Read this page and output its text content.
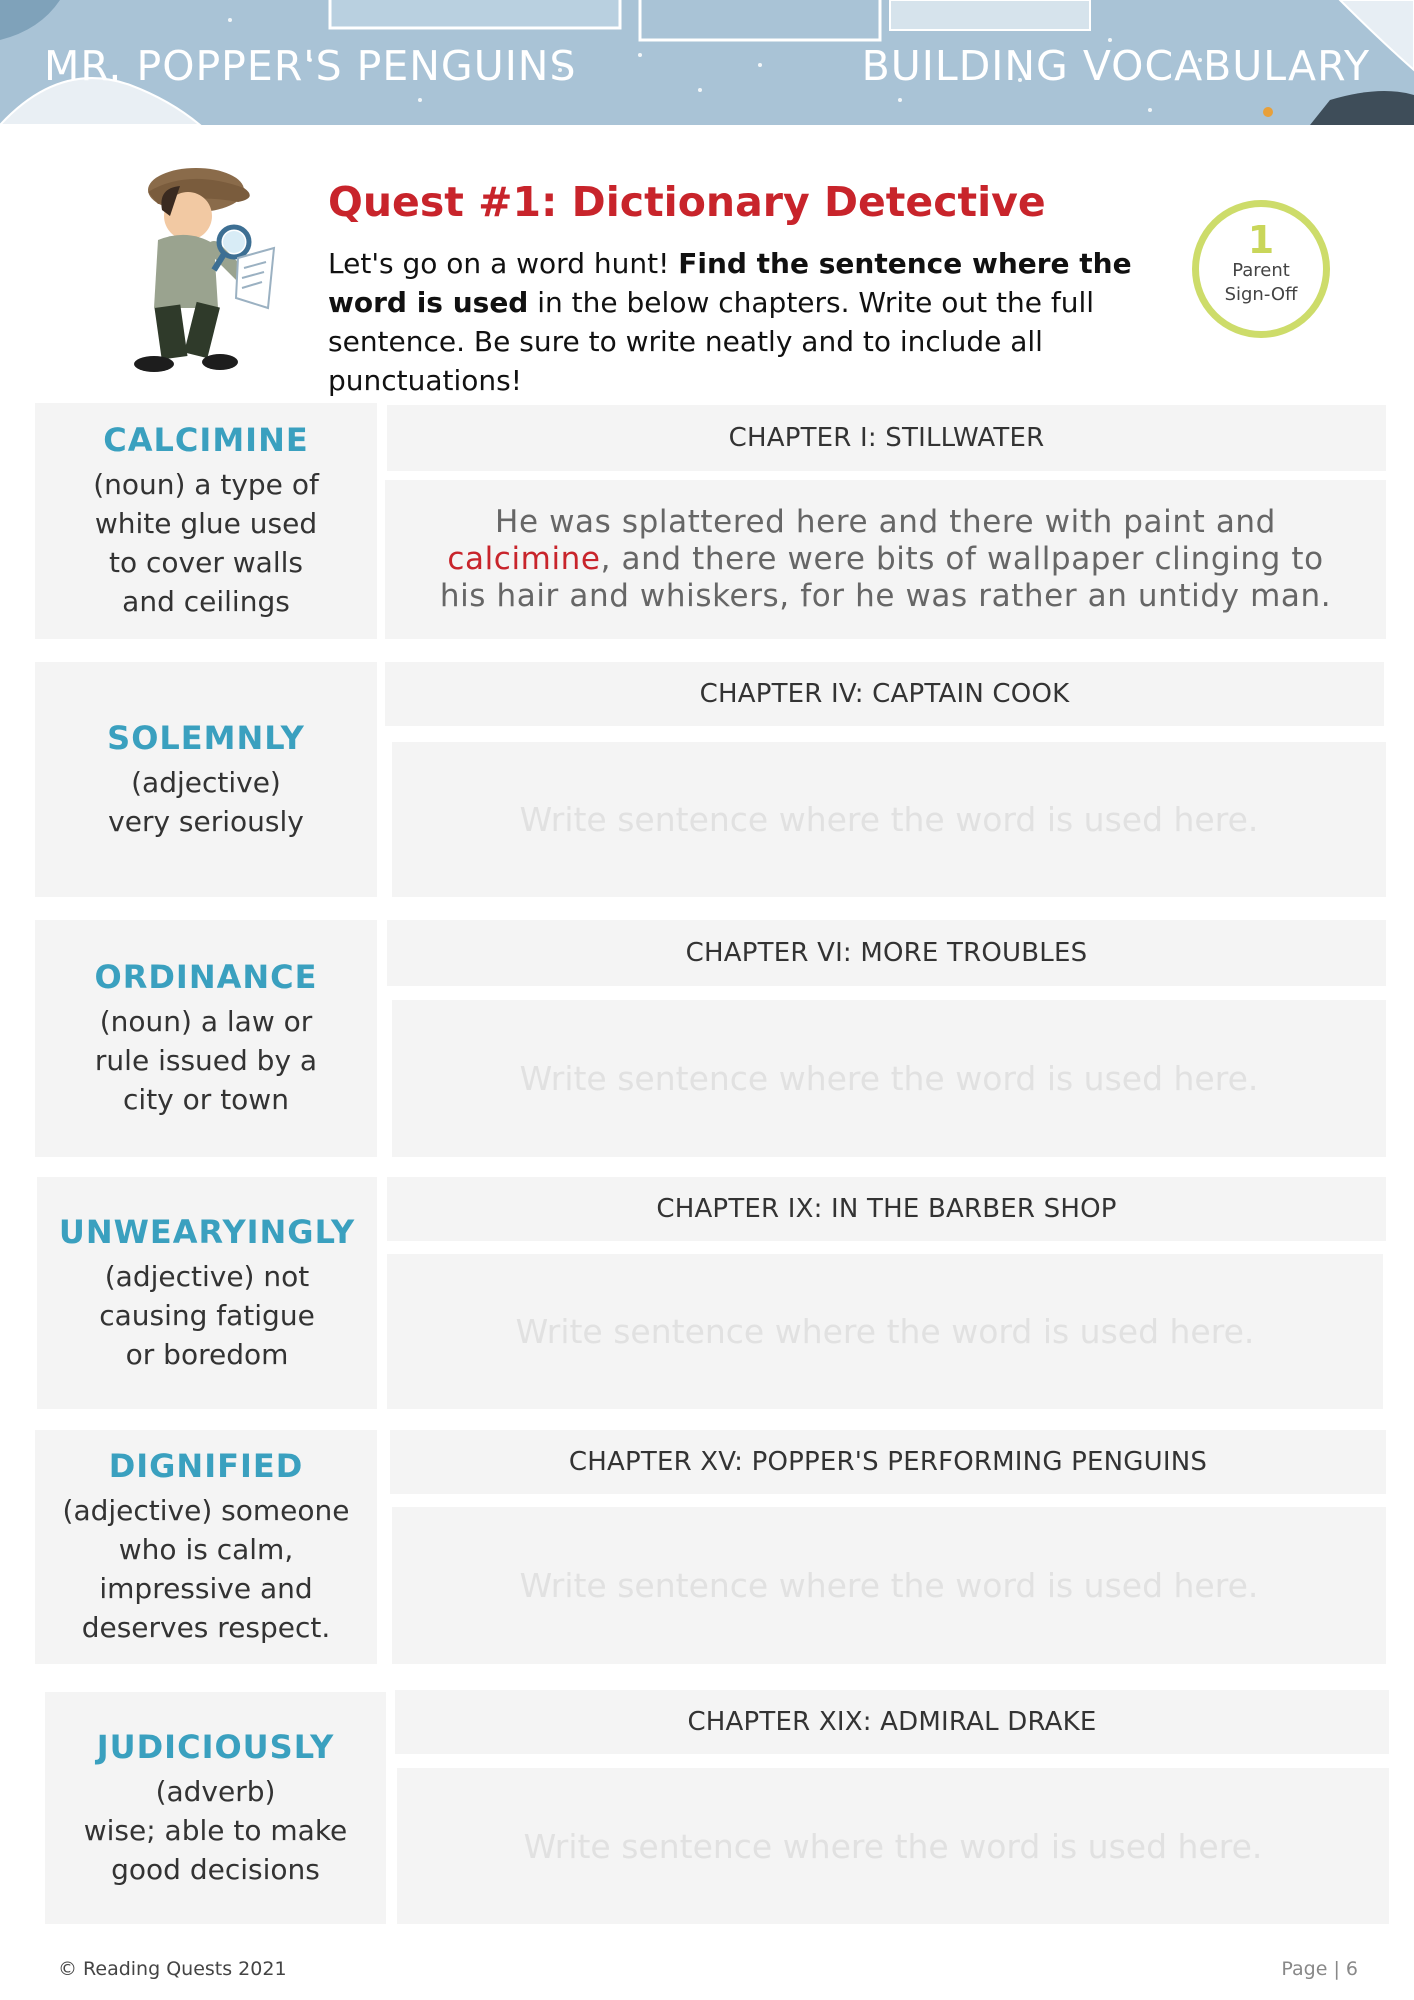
MR. POPPER'S PENGUINS	BUILDING VOCABULARY
Quest #1: Dictionary Detective
Let's go on a word hunt! Find the sentence where the word is used in the below chapters. Write out the full sentence. Be sure to write neatly and to include all punctuations!
1
Parent
Sign-Off
CALCIMINE
(noun) a type of
white glue used
to cover walls
and ceilings
CHAPTER I: STILLWATER
He was splattered here and there with paint and calcimine, and there were bits of wallpaper clinging to his hair and whiskers, for he was rather an untidy man.
SOLEMNLY
(adjective)
very seriously
CHAPTER IV: CAPTAIN COOK
Write sentence where the word is used here.
ORDINANCE
(noun) a law or
rule issued by a
city or town
CHAPTER VI: MORE TROUBLES
Write sentence where the word is used here.
UNWEARYINGLY
(adjective) not
causing fatigue
or boredom
CHAPTER IX: IN THE BARBER SHOP
Write sentence where the word is used here.
DIGNIFIED
(adjective) someone
who is calm,
impressive and
deserves respect.
CHAPTER XV: POPPER'S PERFORMING PENGUINS
Write sentence where the word is used here.
JUDICIOUSLY
(adverb)
wise; able to make
good decisions
CHAPTER XIX: ADMIRAL DRAKE
Write sentence where the word is used here.
© Reading Quests 2021	Page | 6
